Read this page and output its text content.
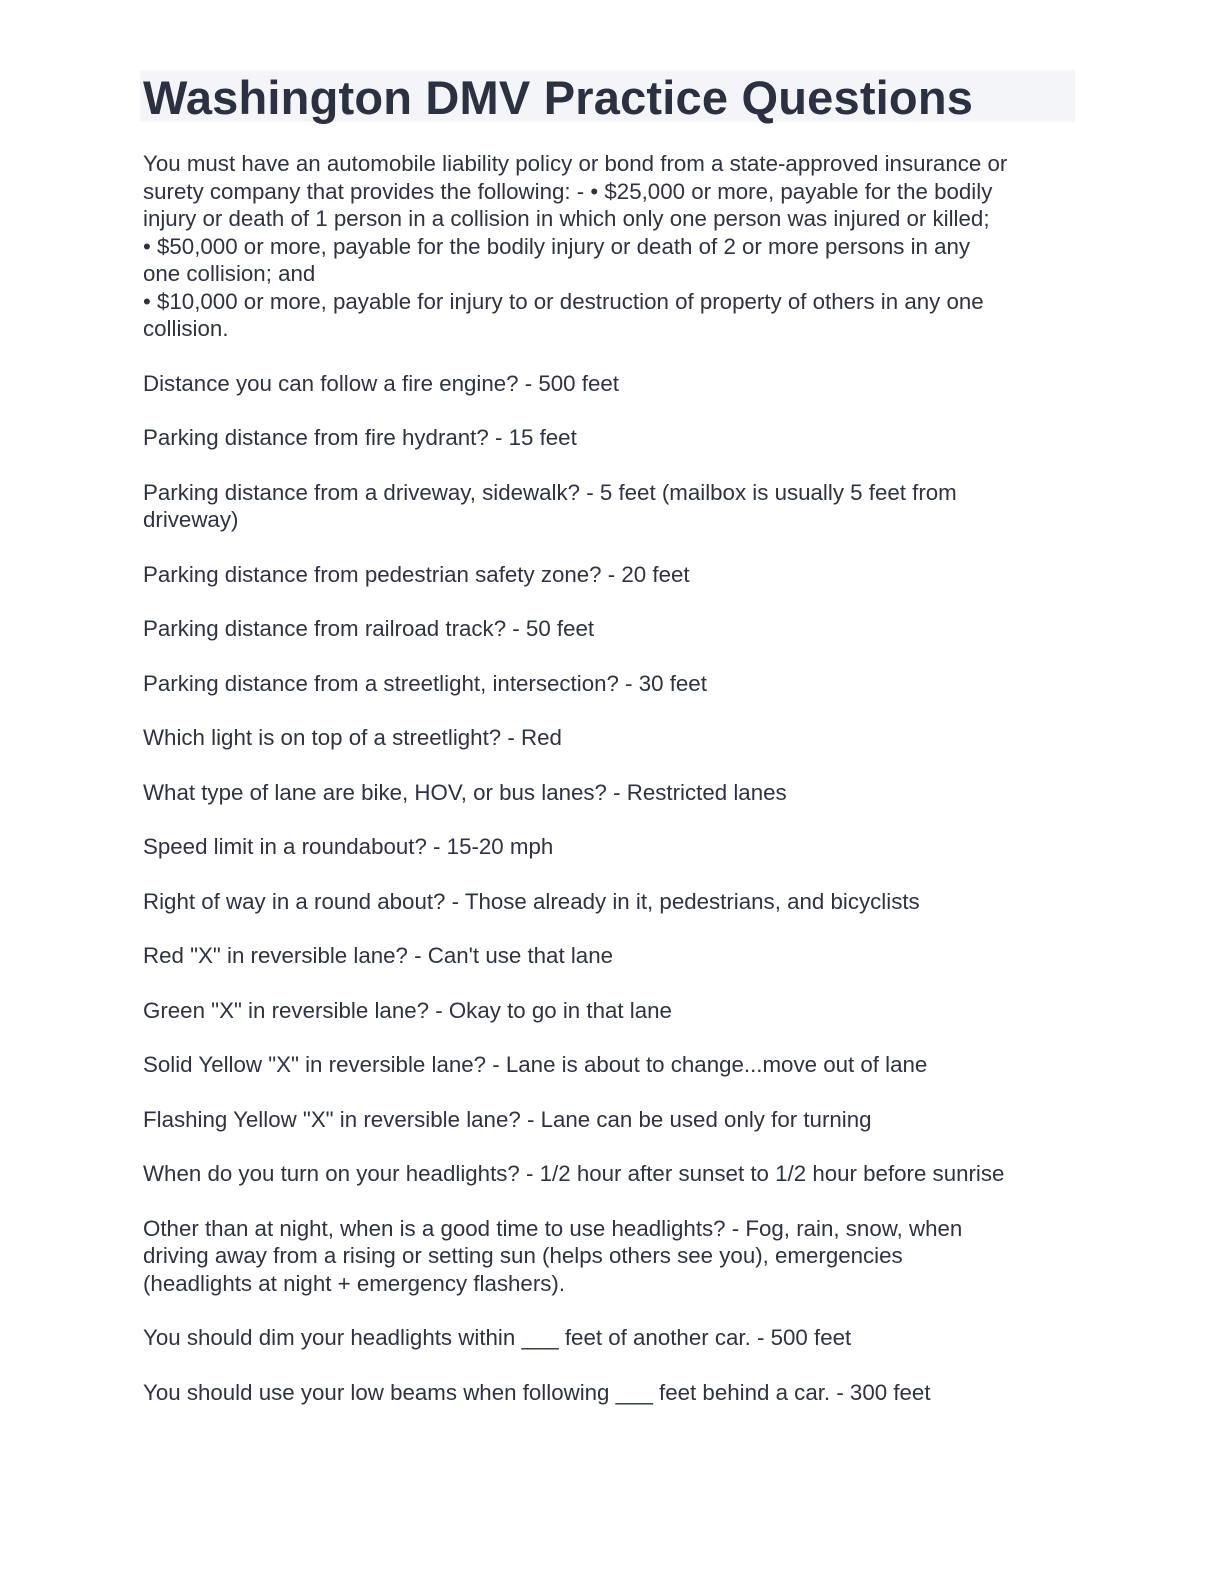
Washington DMV Practice Questions

You must have an automobile liability policy or bond from a state-approved insurance or
surety company that provides the following: - • $25,000 or more, payable for the bodily
injury or death of 1 person in a collision in which only one person was injured or killed;
• $50,000 or more, payable for the bodily injury or death of 2 or more persons in any
one collision; and
• $10,000 or more, payable for injury to or destruction of property of others in any one
collision.

Distance you can follow a fire engine? - 500 feet

Parking distance from fire hydrant? - 15 feet

Parking distance from a driveway, sidewalk? - 5 feet (mailbox is usually 5 feet from
driveway)

Parking distance from pedestrian safety zone? - 20 feet

Parking distance from railroad track? - 50 feet

Parking distance from a streetlight, intersection? - 30 feet

Which light is on top of a streetlight? - Red

What type of lane are bike, HOV, or bus lanes? - Restricted lanes

Speed limit in a roundabout? - 15-20 mph

Right of way in a round about? - Those already in it, pedestrians, and bicyclists

Red "X" in reversible lane? - Can't use that lane

Green "X" in reversible lane? - Okay to go in that lane

Solid Yellow "X" in reversible lane? - Lane is about to change...move out of lane

Flashing Yellow "X" in reversible lane? - Lane can be used only for turning

When do you turn on your headlights? - 1/2 hour after sunset to 1/2 hour before sunrise

Other than at night, when is a good time to use headlights? - Fog, rain, snow, when
driving away from a rising or setting sun (helps others see you), emergencies
(headlights at night + emergency flashers).

You should dim your headlights within ___ feet of another car. - 500 feet

You should use your low beams when following ___ feet behind a car. - 300 feet
